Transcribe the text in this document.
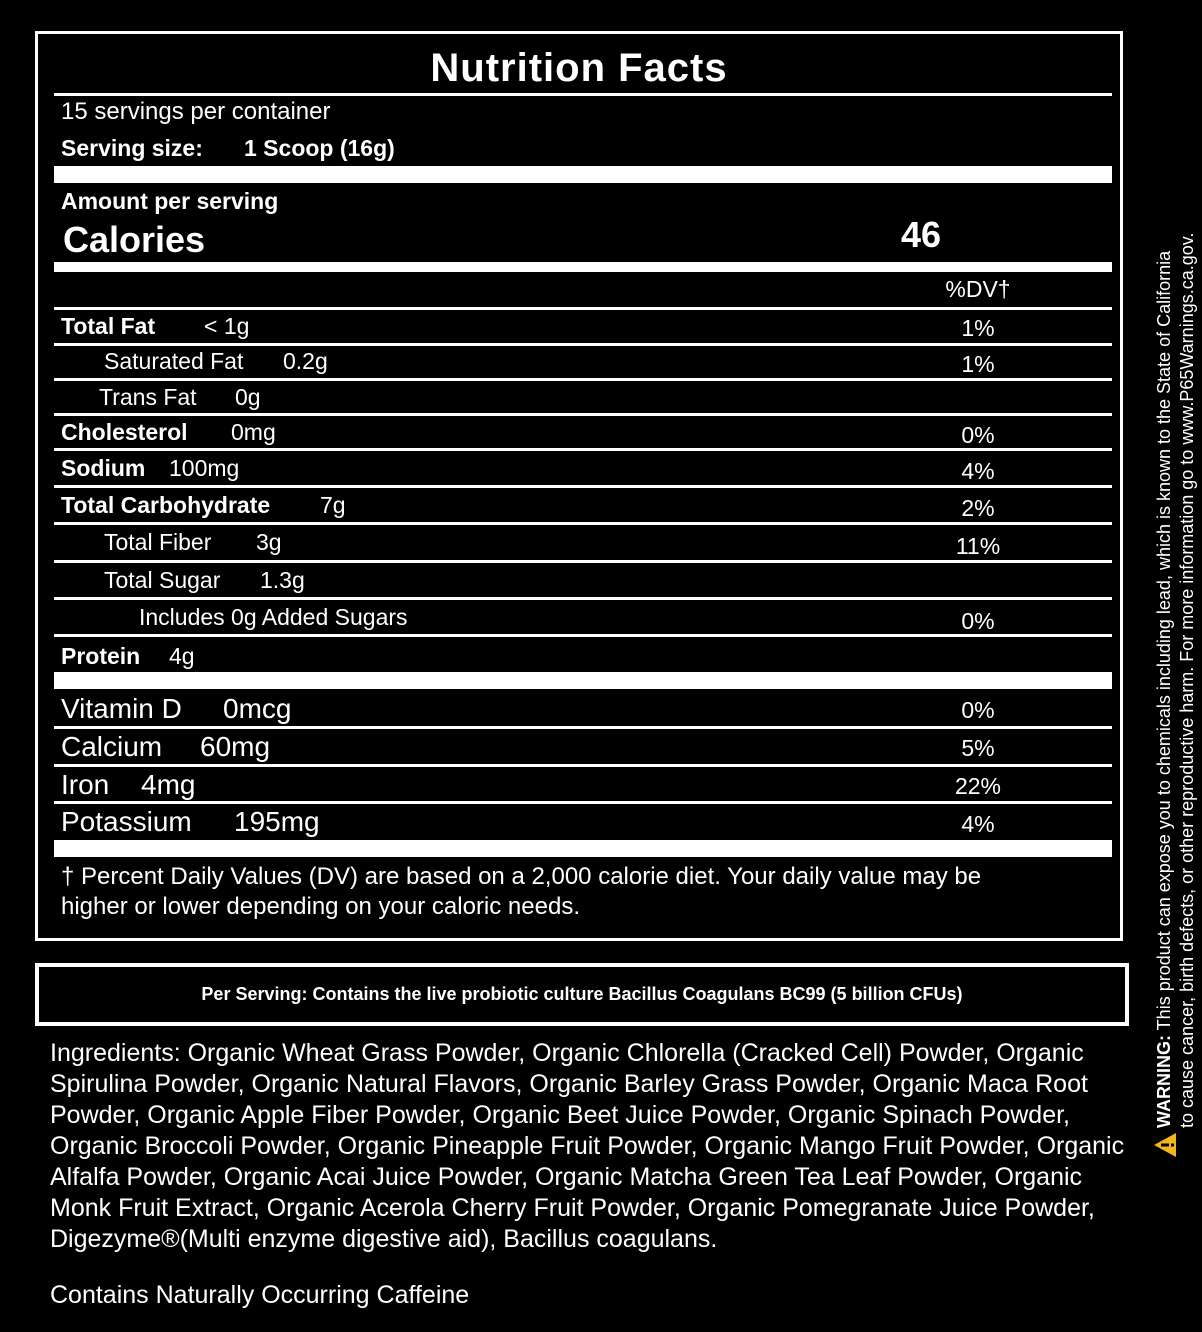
Nutrition Facts
15 servings per container
Serving size: 1 Scoop (16g)
Amount per serving
Calories	46
%DV†
Total Fat < 1g	1%
Saturated Fat 0.2g	1%
Trans Fat 0g
Cholesterol 0mg	0%
Sodium 100mg	4%
Total Carbohydrate 7g	2%
Total Fiber 3g	11%
Total Sugar 1.3g
Includes 0g Added Sugars	0%
Protein 4g
Vitamin D 0mcg	0%
Calcium 60mg	5%
Iron 4mg	22%
Potassium 195mg	4%
† Percent Daily Values (DV) are based on a 2,000 calorie diet. Your daily value may be
higher or lower depending on your caloric needs.
Per Serving: Contains the live probiotic culture Bacillus Coagulans BC99 (5 billion CFUs)
Ingredients: Organic Wheat Grass Powder, Organic Chlorella (Cracked Cell) Powder, Organic Spirulina Powder, Organic Natural Flavors, Organic Barley Grass Powder, Organic Maca Root Powder, Organic Apple Fiber Powder, Organic Beet Juice Powder, Organic Spinach Powder, Organic Broccoli Powder, Organic Pineapple Fruit Powder, Organic Mango Fruit Powder, Organic Alfalfa Powder, Organic Acai Juice Powder, Organic Matcha Green Tea Leaf Powder, Organic Monk Fruit Extract, Organic Acerola Cherry Fruit Powder, Organic Pomegranate Juice Powder, Digezyme®(Multi enzyme digestive aid), Bacillus coagulans.
Contains Naturally Occurring Caffeine
WARNING: This product can expose you to chemicals including lead, which is known to the State of California to cause cancer, birth defects, or other reproductive harm. For more information go to www.P65Warnings.ca.gov.
